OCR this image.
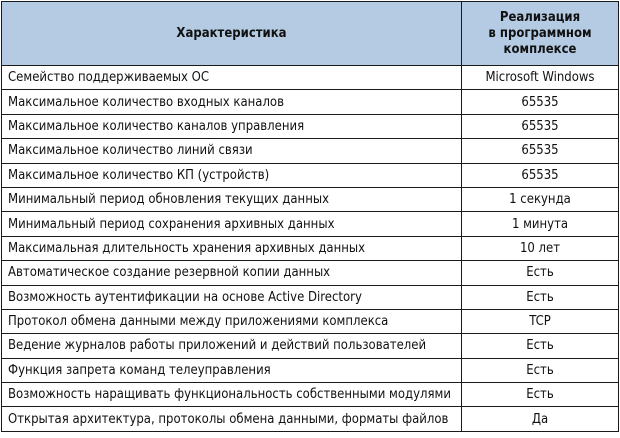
Характеристика	Реализация
в программном
комплексе

Семейство поддерживаемых ОС	Microsoft Windows
Максимальное количество входных каналов	65535
Максимальное количество каналов управления	65535
Максимальное количество линий связи	65535
Максимальное количество КП (устройств)	65535
Минимальный период обновления текущих данных	1 секунда
Минимальный период сохранения архивных данных	1 минута
Максимальная длительность хранения архивных данных	10 лет
Автоматическое создание резервной копии данных	Есть
Возможность аутентификации на основе Active Directory	Есть
Протокол обмена данными между приложениями комплекса	TCP
Ведение журналов работы приложений и действий пользователей	Есть
Функция запрета команд телеуправления	Есть
Возможность наращивать функциональность собственными модулями	Есть
Открытая архитектура, протоколы обмена данными, форматы файлов	Да
